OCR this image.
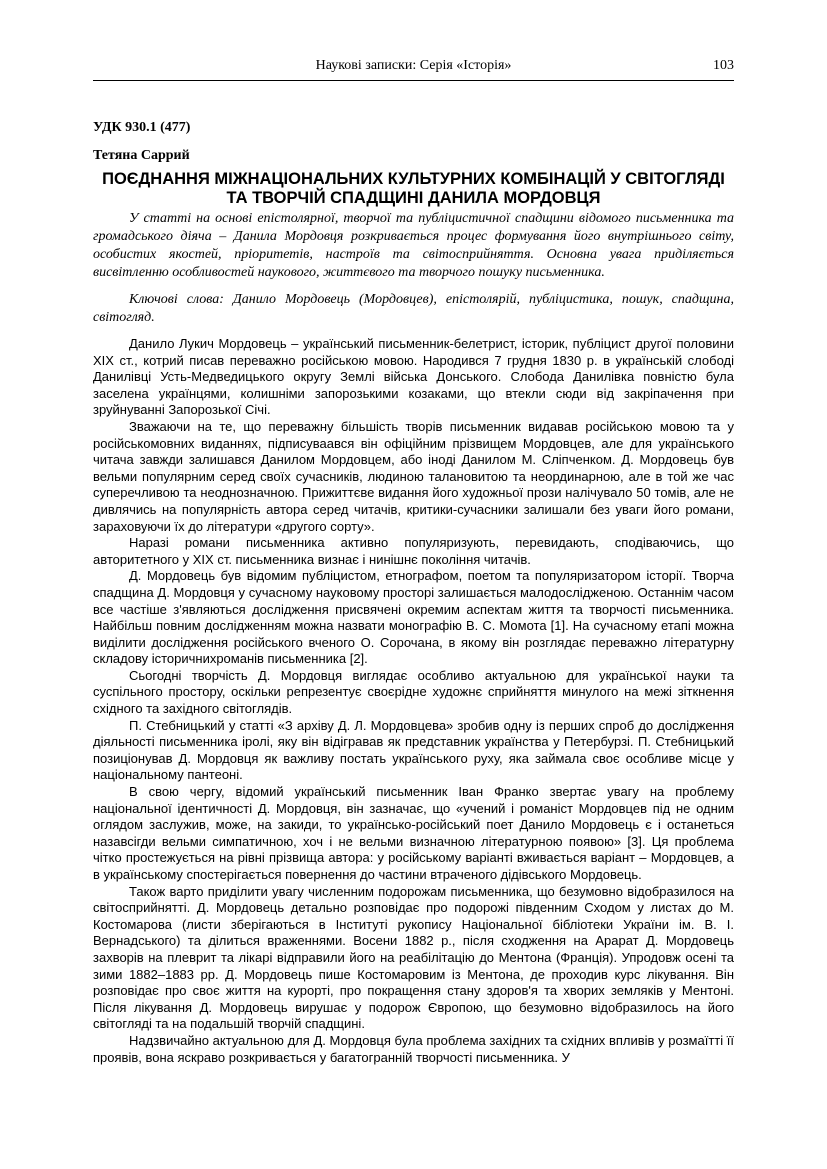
Наукові записки: Серія «Історія»	103
УДК 930.1 (477)
Тетяна Саррий
ПОЄДНАННЯ МІЖНАЦІОНАЛЬНИХ КУЛЬТУРНИХ КОМБІНАЦІЙ У СВІТОГЛЯДІ
ТА ТВОРЧІЙ СПАДЩИНІ ДАНИЛА МОРДОВЦЯ

У статті на основі епістолярної, творчої та публіцистичної спадщини відомого письменника та громадського діяча – Данила Мордовця розкривається процес формування його внутрішнього світу, особистих якостей, пріоритетів, настроїв та світосприйняття. Основна увага приділяється висвітленню особливостей наукового, життєвого та творчого пошуку письменника.

Ключові слова: Данило Мордовець (Мордовцев), епістолярій, публіцистика, пошук, спадщина, світогляд.

Данило Лукич Мордовець – український письменник-белетрист, історик, публіцист другої половини XIX ст., котрий писав переважно російською мовою. Народився 7 грудня 1830 р. в українській слободі Данилівці Усть-Медведицького округу Землі війська Донського. Слобода Данилівка повністю була заселена українцями, колишніми запорозькими козаками, що втекли сюди від закріпачення при зруйнуванні Запорозької Січі.

Зважаючи на те, що переважну більшість творів письменник видавав російською мовою та у російськомовних виданнях, підписуваався він офіційним прізвищем Мордовцев, але для українського читача завжди залишався Данилом Мордовцем, або іноді Данилом М. Сліпченком. Д. Мордовець був вельми популярним серед своїх сучасників, людиною талановитою та неординарною, але в той же час суперечливою та неоднозначною. Прижиттєве видання його художньої прози налічувало 50 томів, але не дивлячись на популярність автора серед читачів, критики-сучасники залишали без уваги його романи, зараховуючи їх до літератури «другого сорту».

Наразі романи письменника активно популяризують, перевидають, сподіваючись, що авторитетного у XIX ст. письменника визнає і нинішнє покоління читачів.

Д. Мордовець був відомим публіцистом, етнографом, поетом та популяризатором історії. Творча спадщина Д. Мордовця у сучасному науковому просторі залишається малодослідженою. Останнім часом все частіше з'являються дослідження присвячені окремим аспектам життя та творчості письменника. Найбільш повним дослідженням можна назвати монографію В. С. Момота [1]. На сучасному етапі можна виділити дослідження російського вченого О. Сорочана, в якому він розглядає переважно літературну складову історичнихроманів письменника [2].

Сьогодні творчість Д. Мордовця виглядає особливо актуальною для української науки та суспільного простору, оскільки репрезентує своєрідне художнє сприйняття минулого на межі зіткнення східного та західного світоглядів.

П. Стебницький у статті «З архіву Д. Л. Мордовцева» зробив одну із перших спроб до дослідження діяльності письменника іролі, яку він відігравав як представник українства у Петербурзі. П. Стебницький позиціонував Д. Мордовця як важливу постать українського руху, яка займала своє особливе місце у національному пантеоні.

В свою чергу, відомий український письменник Іван Франко звертає увагу на проблему національної ідентичності Д. Мордовця, він зазначає, що «учений і романіст Мордовцев під не одним оглядом заслужив, може, на закиди, то українсько-російський поет Данило Мордовець є і останеться назавсігди вельми симпатичною, хоч і не вельми визначною літературною появою» [3]. Ця проблема чітко простежується на рівні прізвища автора: у російському варіанті вживається варіант – Мордовцев, а в українському спостерігається повернення до частини втраченого дідівського Мордовець.

Також варто приділити увагу численним подорожам письменника, що безумовно відобразилося на світосприйнятті. Д. Мордовець детально розповідає про подорожі південним Сходом у листах до М. Костомарова (листи зберігаються в Інституті рукопису Національної бібліотеки України ім. В. І. Вернадського) та ділиться враженнями. Восени 1882 р., після сходження на Арарат Д. Мордовець захворів на плеврит та лікарі відправили його на реабілітацію до Ментона (Франція). Упродовж осені та зими 1882–1883 рр. Д. Мордовець пише Костомаровим із Ментона, де проходив курс лікування. Він розповідає про своє життя на курорті, про покращення стану здоров'я та хворих земляків у Ментоні. Після лікування Д. Мордовець вирушає у подорож Європою, що безумовно відобразилось на його світогляді та на подальшій творчій спадщині.

Надзвичайно актуальною для Д. Мордовця була проблема західних та східних впливів у розмаїтті її проявів, вона яскраво розкривається у багатогранній творчості письменника. У
